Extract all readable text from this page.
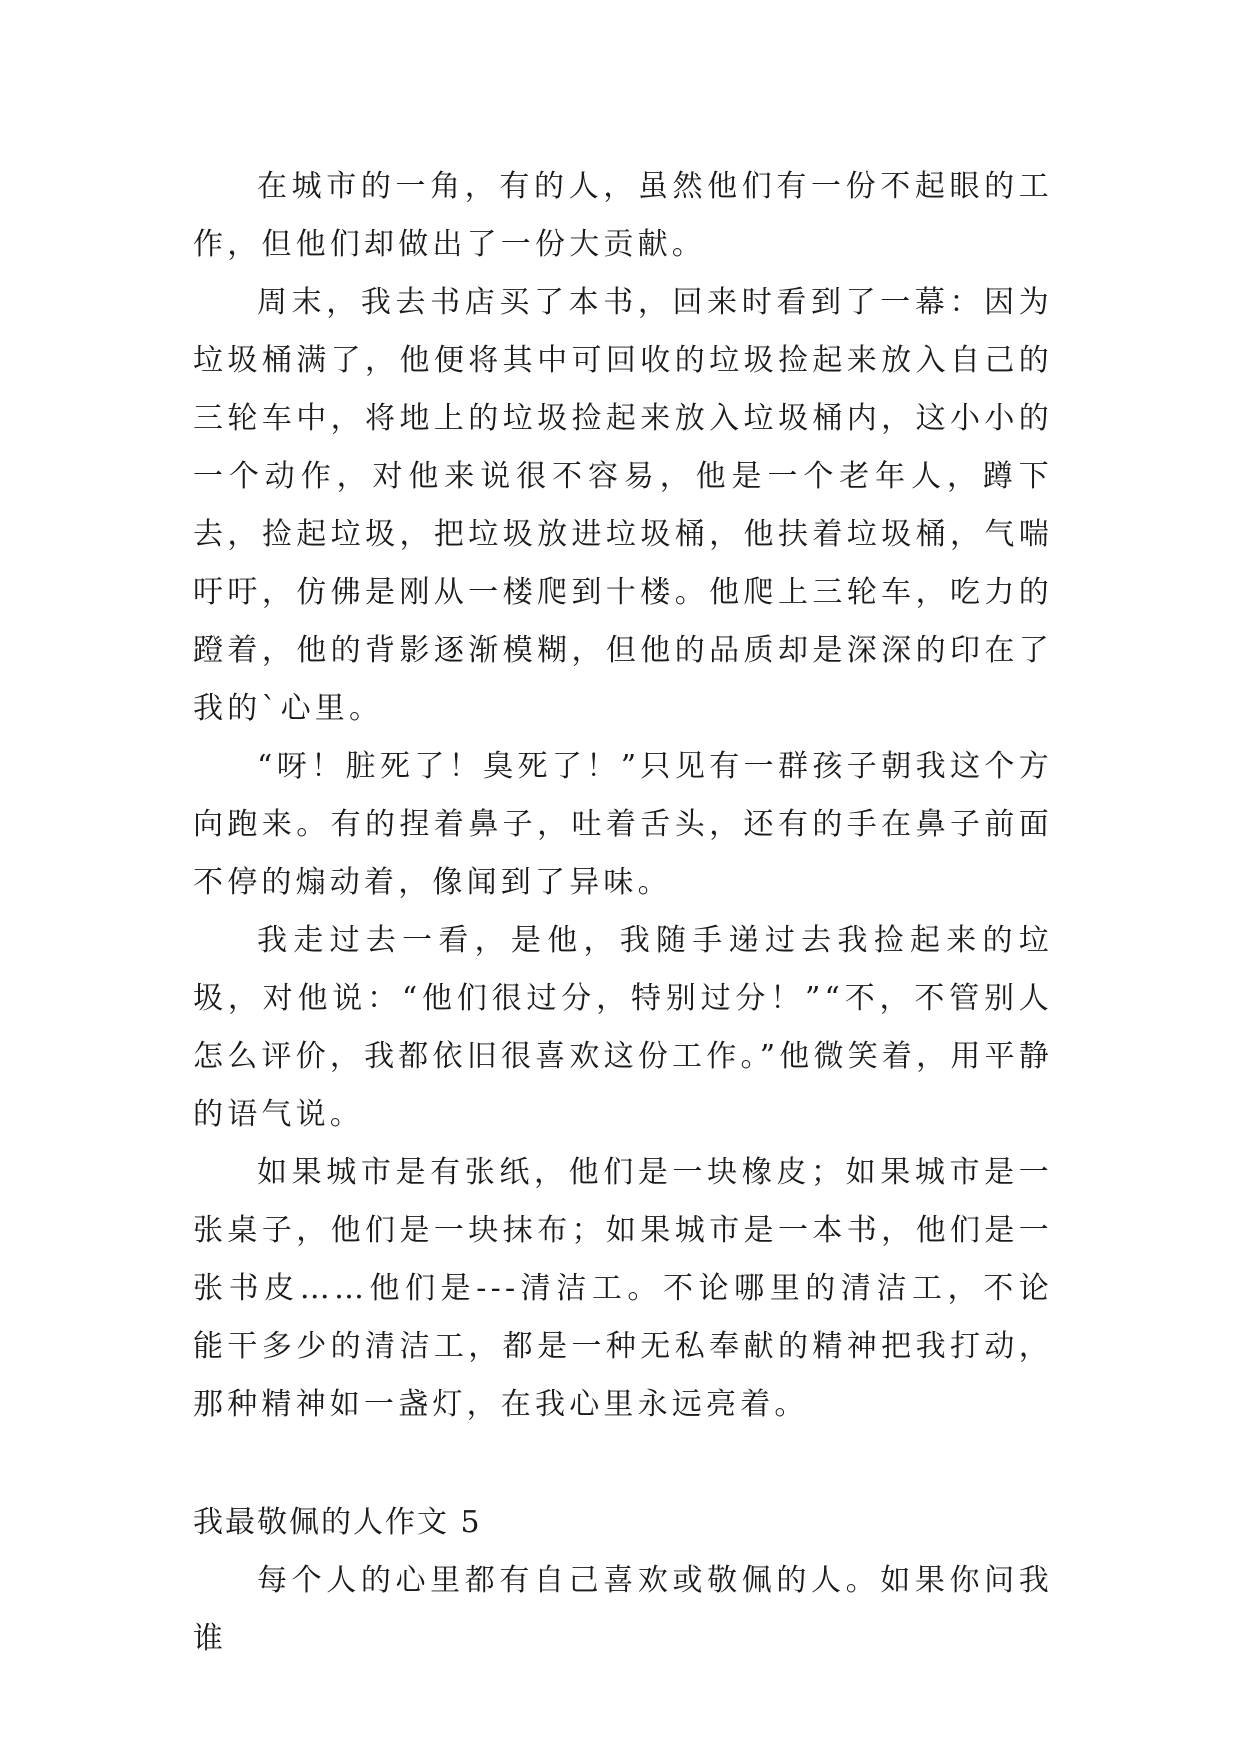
在城市的一角，有的人，虽然他们有一份不起眼的工作，但他们却做出了一份大贡献。

周末，我去书店买了本书，回来时看到了一幕：因为垃圾桶满了，他便将其中可回收的垃圾捡起来放入自己的三轮车中，将地上的垃圾捡起来放入垃圾桶内，这小小的一个动作，对他来说很不容易，他是一个老年人，蹲下去，捡起垃圾，把垃圾放进垃圾桶，他扶着垃圾桶，气喘吁吁，仿佛是刚从一楼爬到十楼。他爬上三轮车，吃力的蹬着，他的背影逐渐模糊，但他的品质却是深深的印在了我的`心里。

“呀！脏死了！臭死了！”只见有一群孩子朝我这个方向跑来。有的捏着鼻子，吐着舌头，还有的手在鼻子前面不停的煽动着，像闻到了异味。

我走过去一看，是他，我随手递过去我捡起来的垃圾，对他说：“他们很过分，特别过分！”“不，不管别人怎么评价，我都依旧很喜欢这份工作。”他微笑着，用平静的语气说。

如果城市是有张纸，他们是一块橡皮；如果城市是一张桌子，他们是一块抹布；如果城市是一本书，他们是一张书皮……他们是---清洁工。不论哪里的清洁工，不论能干多少的清洁工，都是一种无私奉献的精神把我打动，那种精神如一盏灯，在我心里永远亮着。

我最敬佩的人作文 5

每个人的心里都有自己喜欢或敬佩的人。如果你问我谁
